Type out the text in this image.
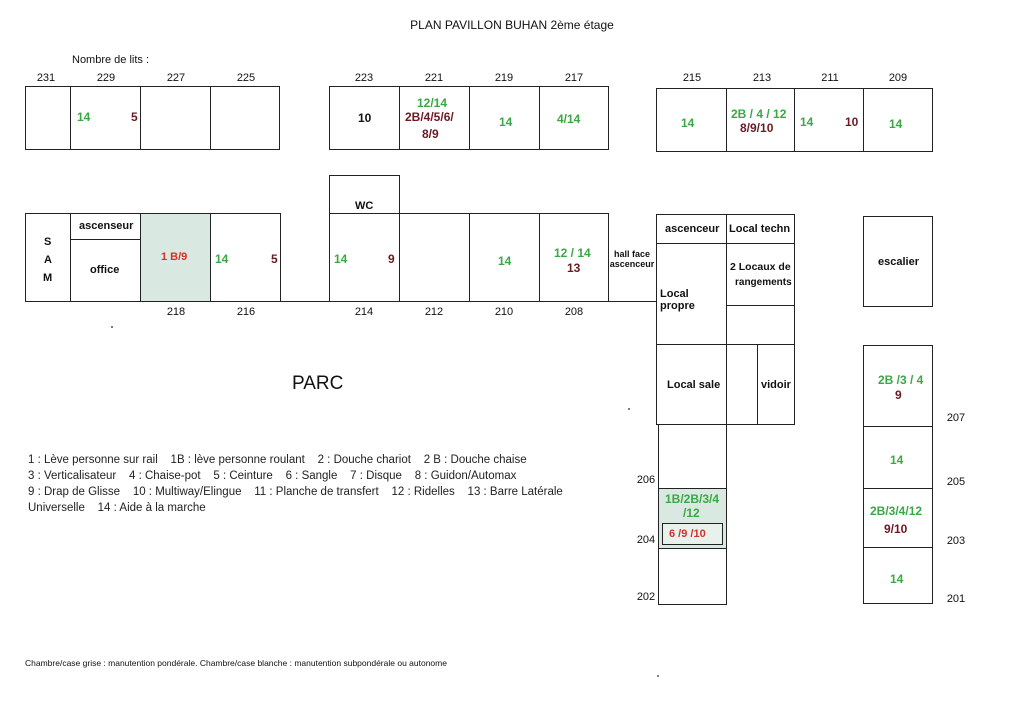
PLAN PAVILLON BUHAN 2ème étage
Nombre de lits :
231	229	227	225	223	221	219	217	215	213	211	209
14	5	10
12/14
2B/4/5/6/
8/9
14	4/14	14
2B / 4 / 12
8/9/10 14	10	14
S
A
M
ascenseur
office
1 B/9 14	5
WC
14	9	14
12 / 14
13
hall face
ascenceur
ascenceur Local techn
Local propre
2 Locaux de
rangements
Local sale	vidoir
escalier
2B /3 / 4
9
14
2B/3/4/12
9/10
14
207
205
203
201
1B/2B/3/4
/12
6 /9 /10
206
204
202
218	216	214	212	210	208
PARC
1 : Lève personne sur rail    1B : lève personne roulant    2 : Douche chariot    2 B : Douche chaise
3 : Verticalisateur    4 : Chaise-pot    5 : Ceinture    6 : Sangle    7 : Disque    8 : Guidon/Automax
9 : Drap de Glisse    10 : Multiway/Elingue    11 : Planche de transfert    12 : Ridelles    13 : Barre Latérale
Universelle    14 : Aide à la marche
Chambre/case grise : manutention pondérale. Chambre/case blanche : manutention subpondérale ou autonome
